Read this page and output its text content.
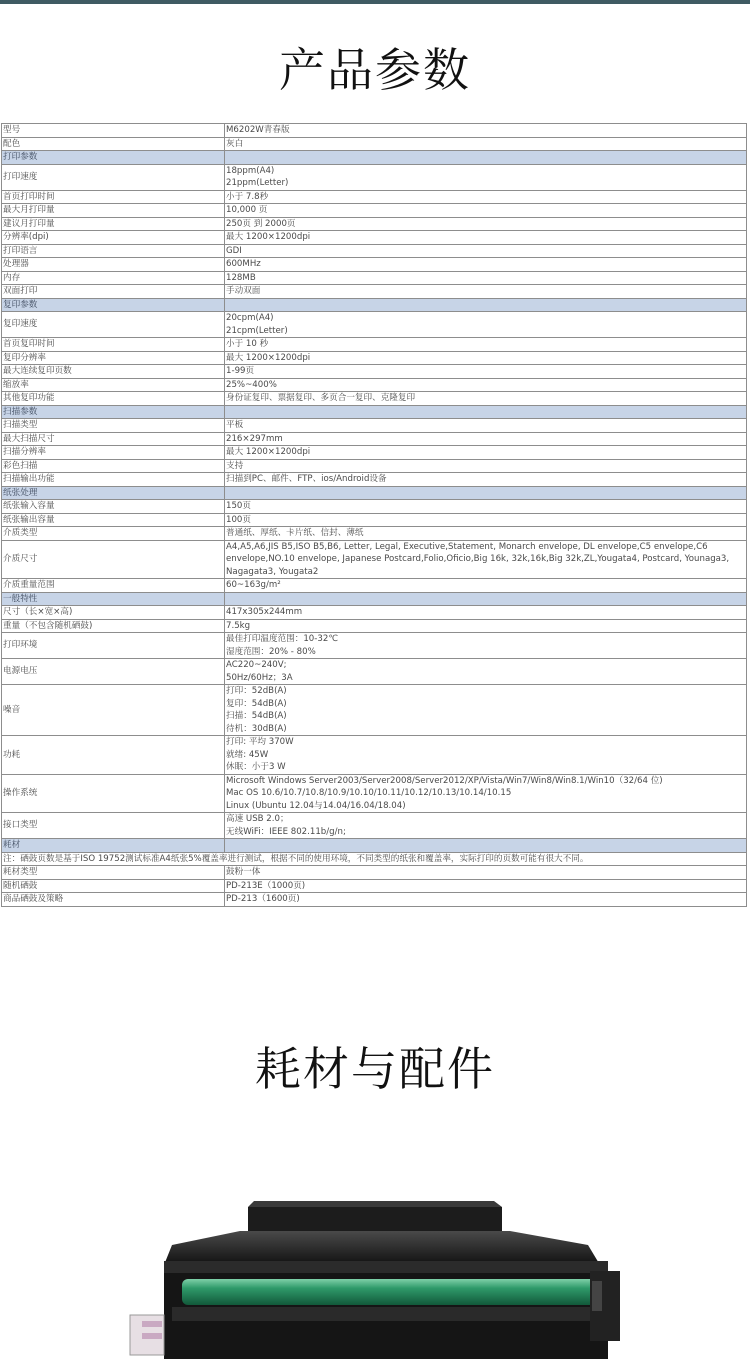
产品参数
型号	M6202W青春版

配色	灰白

打印参数	
打印速度	18ppm(A4)
21ppm(Letter)

首页打印时间	小于 7.8秒

最大月打印量	10,000 页

建议月打印量	250页 到 2000页

分辨率(dpi)	最大 1200×1200dpi

打印语言	GDI

处理器	600MHz

内存	128MB

双面打印	手动双面

复印参数	
复印速度	20cpm(A4)
21cpm(Letter)

首页复印时间	小于 10 秒

复印分辨率	最大 1200×1200dpi

最大连续复印页数	1-99页

缩放率	25%~400%

其他复印功能	身份证复印、票据复印、多页合一复印、克隆复印

扫描参数	
扫描类型	平板

最大扫描尺寸	216×297mm

扫描分辨率	最大 1200×1200dpi

彩色扫描	支持

扫描输出功能	扫描到PC、邮件、FTP、ios/Android设备

纸张处理	
纸张输入容量	150页

纸张输出容量	100页

介质类型	普通纸、厚纸、卡片纸、信封、薄纸

介质尺寸	A4,A5,A6,JIS B5,ISO B5,B6, Letter, Legal, Executive,Statement, Monarch envelope, DL envelope,C5 envelope,C6 envelope,NO.10 envelope, Japanese Postcard,Folio,Oficio,Big 16k, 32k,16k,Big 32k,ZL,Yougata4, Postcard, Younaga3, Nagagata3, Yougata2

介质重量范围	60~163g/m²

一般特性	
尺寸（长×宽×高)	417x305x244mm

重量（不包含随机硒鼓)	7.5kg

打印环境	最佳打印温度范围：10-32℃
湿度范围：20% - 80%

电源电压	AC220~240V;
50Hz/60Hz；3A

噪音	打印：52dB(A)
复印：54dB(A)
扫描：54dB(A)
待机：30dB(A)

功耗	打印: 平均 370W
就绪: 45W
休眠：小于3 W

操作系统	Microsoft Windows Server2003/Server2008/Server2012/XP/Vista/Win7/Win8/Win8.1/Win10（32/64 位)
Mac OS 10.6/10.7/10.8/10.9/10.10/10.11/10.12/10.13/10.14/10.15
Linux (Ubuntu 12.04与14.04/16.04/18.04)

接口类型	高速 USB 2.0；
无线WiFi：IEEE 802.11b/g/n;

耗材	
注：硒鼓页数是基于ISO 19752测试标准A4纸张5%覆盖率进行测试，根据不同的使用环境，不同类型的纸张和覆盖率，实际打印的页数可能有很大不同。	
耗材类型	鼓粉一体

随机硒鼓	PD-213E（1000页)

商品硒鼓及策略	PD-213（1600页)
耗材与配件
